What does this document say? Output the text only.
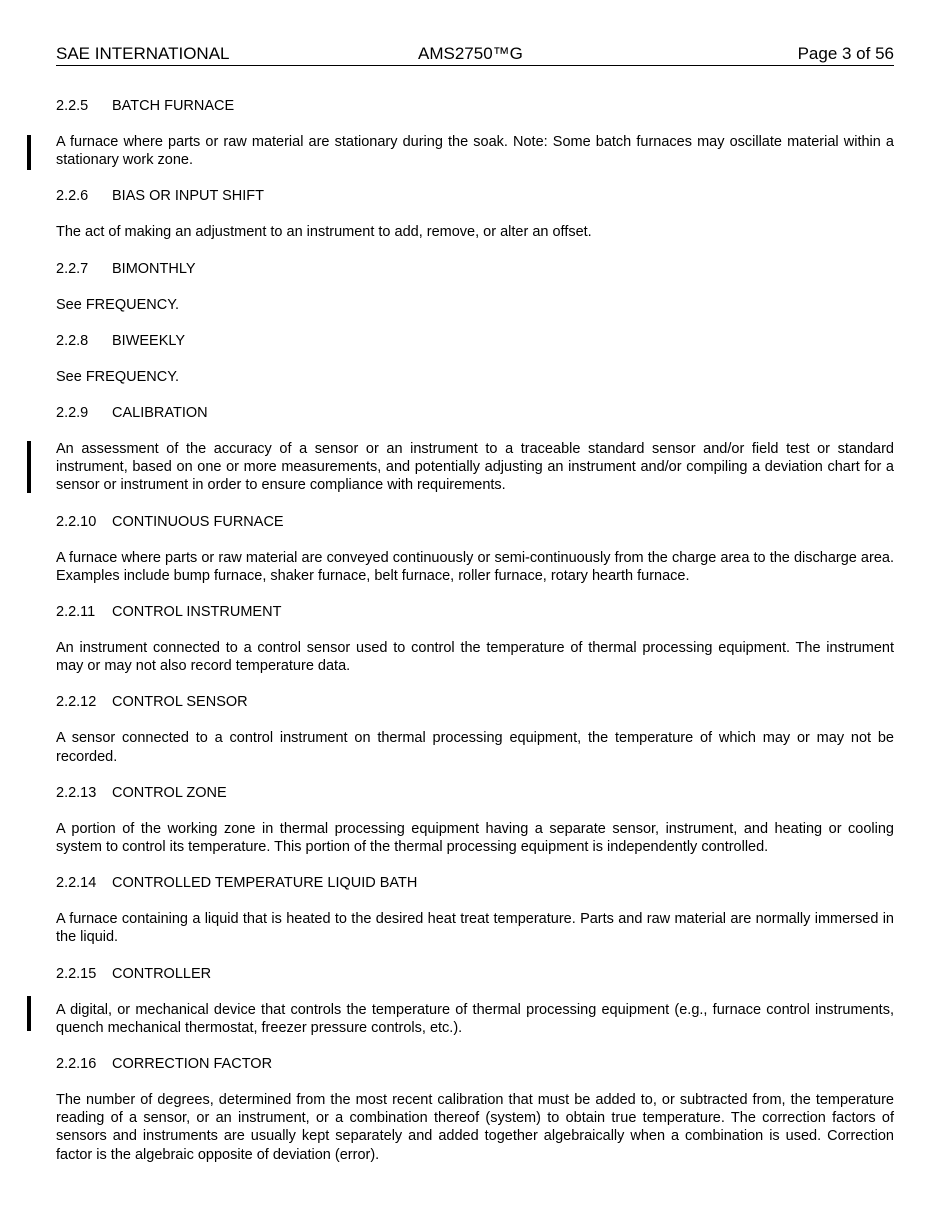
SAE INTERNATIONAL	AMS2750™G	Page 3 of 56
2.2.5	BATCH FURNACE
A furnace where parts or raw material are stationary during the soak. Note: Some batch furnaces may oscillate material within a stationary work zone.
2.2.6	BIAS OR INPUT SHIFT
The act of making an adjustment to an instrument to add, remove, or alter an offset.
2.2.7	BIMONTHLY
See FREQUENCY.
2.2.8	BIWEEKLY
See FREQUENCY.
2.2.9	CALIBRATION
An assessment of the accuracy of a sensor or an instrument to a traceable standard sensor and/or field test or standard instrument, based on one or more measurements, and potentially adjusting an instrument and/or compiling a deviation chart for a sensor or instrument in order to ensure compliance with requirements.
2.2.10	CONTINUOUS FURNACE
A furnace where parts or raw material are conveyed continuously or semi-continuously from the charge area to the discharge area. Examples include bump furnace, shaker furnace, belt furnace, roller furnace, rotary hearth furnace.
2.2.11	CONTROL INSTRUMENT
An instrument connected to a control sensor used to control the temperature of thermal processing equipment. The instrument may or may not also record temperature data.
2.2.12	CONTROL SENSOR
A sensor connected to a control instrument on thermal processing equipment, the temperature of which may or may not be recorded.
2.2.13	CONTROL ZONE
A portion of the working zone in thermal processing equipment having a separate sensor, instrument, and heating or cooling system to control its temperature. This portion of the thermal processing equipment is independently controlled.
2.2.14	CONTROLLED TEMPERATURE LIQUID BATH
A furnace containing a liquid that is heated to the desired heat treat temperature. Parts and raw material are normally immersed in the liquid.
2.2.15	CONTROLLER
A digital, or mechanical device that controls the temperature of thermal processing equipment (e.g., furnace control instruments, quench mechanical thermostat, freezer pressure controls, etc.).
2.2.16	CORRECTION FACTOR
The number of degrees, determined from the most recent calibration that must be added to, or subtracted from, the temperature reading of a sensor, or an instrument, or a combination thereof (system) to obtain true temperature. The correction factors of sensors and instruments are usually kept separately and added together algebraically when a combination is used. Correction factor is the algebraic opposite of deviation (error).
